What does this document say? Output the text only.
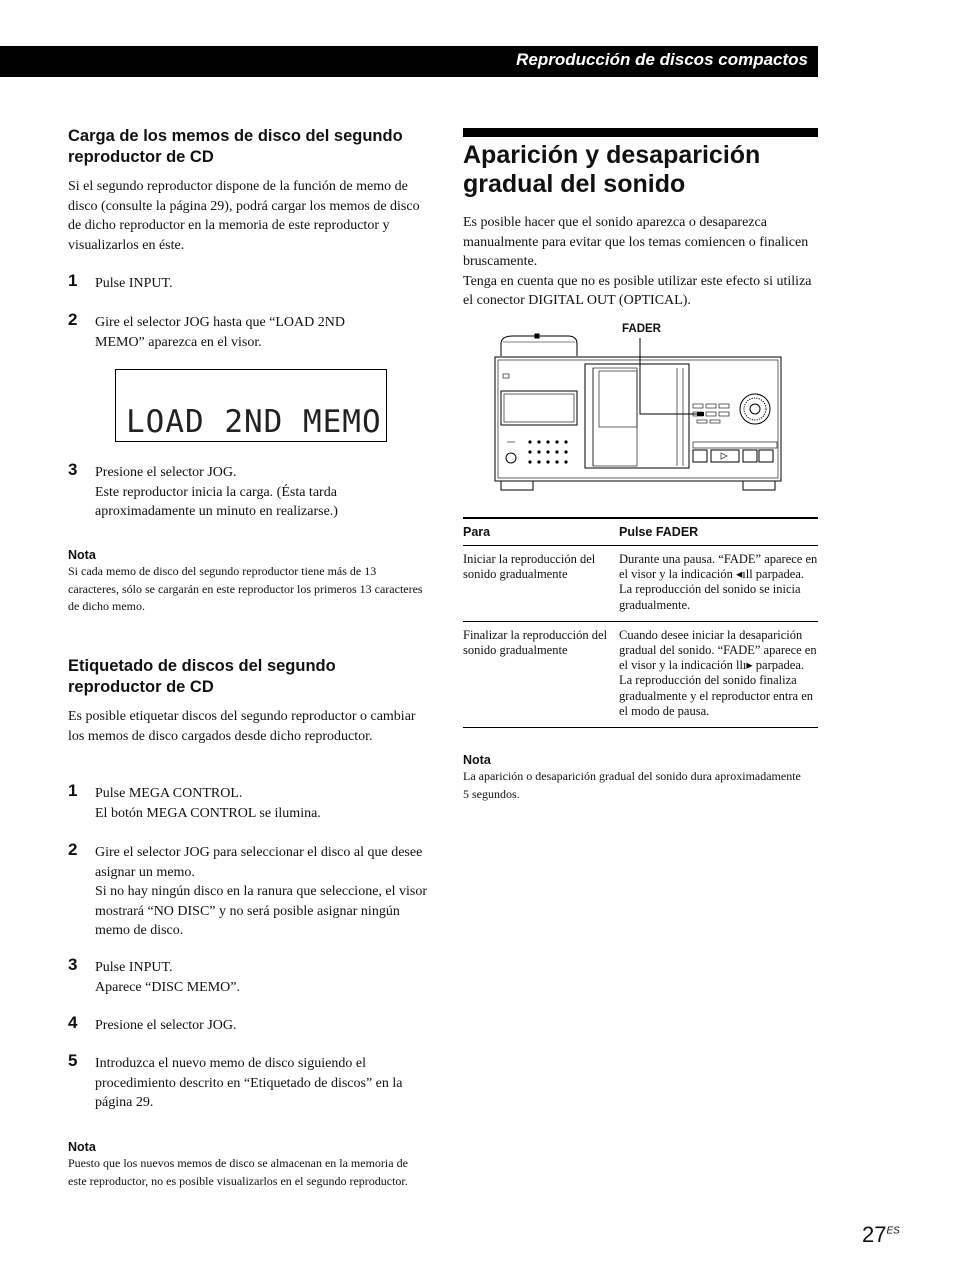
Reproducción de discos compactos
Carga de los memos de disco del segundo reproductor de CD

Si el segundo reproductor dispone de la función de memo de disco (consulte la página 29), podrá cargar los memos de disco de dicho reproductor en la memoria de este reproductor y visualizarlos en éste.

1 Pulse INPUT.
2 Gire el selector JOG hasta que “LOAD 2ND MEMO” aparezca en el visor.
LOAD 2ND MEMO
3 Presione el selector JOG.
Este reproductor inicia la carga. (Ésta tarda aproximadamente un minuto en realizarse.)
Nota

Si cada memo de disco del segundo reproductor tiene más de 13 caracteres, sólo se cargarán en este reproductor los primeros 13 caracteres de dicho memo.

Etiquetado de discos del segundo reproductor de CD

Es posible etiquetar discos del segundo reproductor o cambiar los memos de disco cargados desde dicho reproductor.

1 Pulse MEGA CONTROL.
El botón MEGA CONTROL se ilumina.
2 Gire el selector JOG para seleccionar el disco al que desee asignar un memo.
Si no hay ningún disco en la ranura que seleccione, el visor mostrará “NO DISC” y no será posible asignar ningún memo de disco.
3 Pulse INPUT.
Aparece “DISC MEMO”.
4 Presione el selector JOG.
5 Introduzca el nuevo memo de disco siguiendo el procedimiento descrito en “Etiquetado de discos” en la página 29.
Nota

Puesto que los nuevos memos de disco se almacenan en la memoria de este reproductor, no es posible visualizarlos en el segundo reproductor.

Aparición y desaparición gradual del sonido

Es posible hacer que el sonido aparezca o desaparezca manualmente para evitar que los temas comiencen o finalicen bruscamente.

Tenga en cuenta que no es posible utilizar este efecto si utiliza el conector DIGITAL OUT (OPTICAL).

FADER
Para	Pulse FADER
Iniciar la reproducción del sonido gradualmente	Durante una pausa. “FADE” aparece en el visor y la indicación ◂ıll parpadea. La reproducción del sonido se inicia gradualmente.
Finalizar la reproducción del sonido gradualmente	Cuando desee iniciar la desaparición gradual del sonido. “FADE” aparece en el visor y la indicación llı▸ parpadea. La reproducción del sonido finaliza gradualmente y el reproductor entra en el modo de pausa.
Nota

La aparición o desaparición gradual del sonido dura aproximadamente 5 segundos.

$27^{ES}$
